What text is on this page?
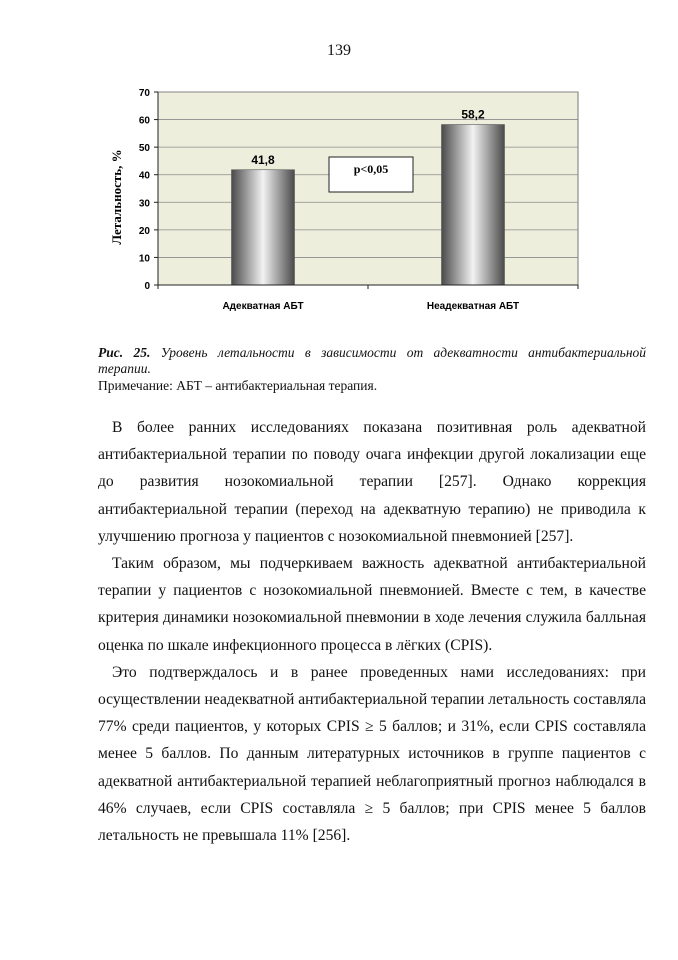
139
0
10
20
30
40
50
60
70
41,8
Адекватная АБТ
58,2
Неадекватная АБТ
Летальность, %	p<0,05
Рис. 25. Уровень летальности в зависимости от адекватности антибактериальной терапии.
Примечание: АБТ – антибактериальная терапия.

В более ранних исследованиях показана позитивная роль адекватной антибактериальной терапии по поводу очага инфекции другой локализации еще до развития нозокомиальной терапии [257]. Однако коррекция антибактериальной терапии (переход на адекватную терапию) не приводила к улучшению прогноза у пациентов с нозокомиальной пневмонией [257].

Таким образом, мы подчеркиваем важность адекватной антибактериальной терапии у пациентов с нозокомиальной пневмонией. Вместе с тем, в качестве критерия динамики нозокомиальной пневмонии в ходе лечения служила балльная оценка по шкале инфекционного процесса в лёгких (CPIS).

Это подтверждалось и в ранее проведенных нами исследованиях: при осуществлении неадекватной антибактериальной терапии летальность составляла 77% среди пациентов, у которых CPIS ≥ 5 баллов; и 31%, если CPIS составляла менее 5 баллов. По данным литературных источников в группе пациентов с адекватной антибактериальной терапией неблагоприятный прогноз наблюдался в 46% случаев, если CPIS составляла ≥ 5 баллов; при CPIS менее 5 баллов летальность не превышала 11% [256].
